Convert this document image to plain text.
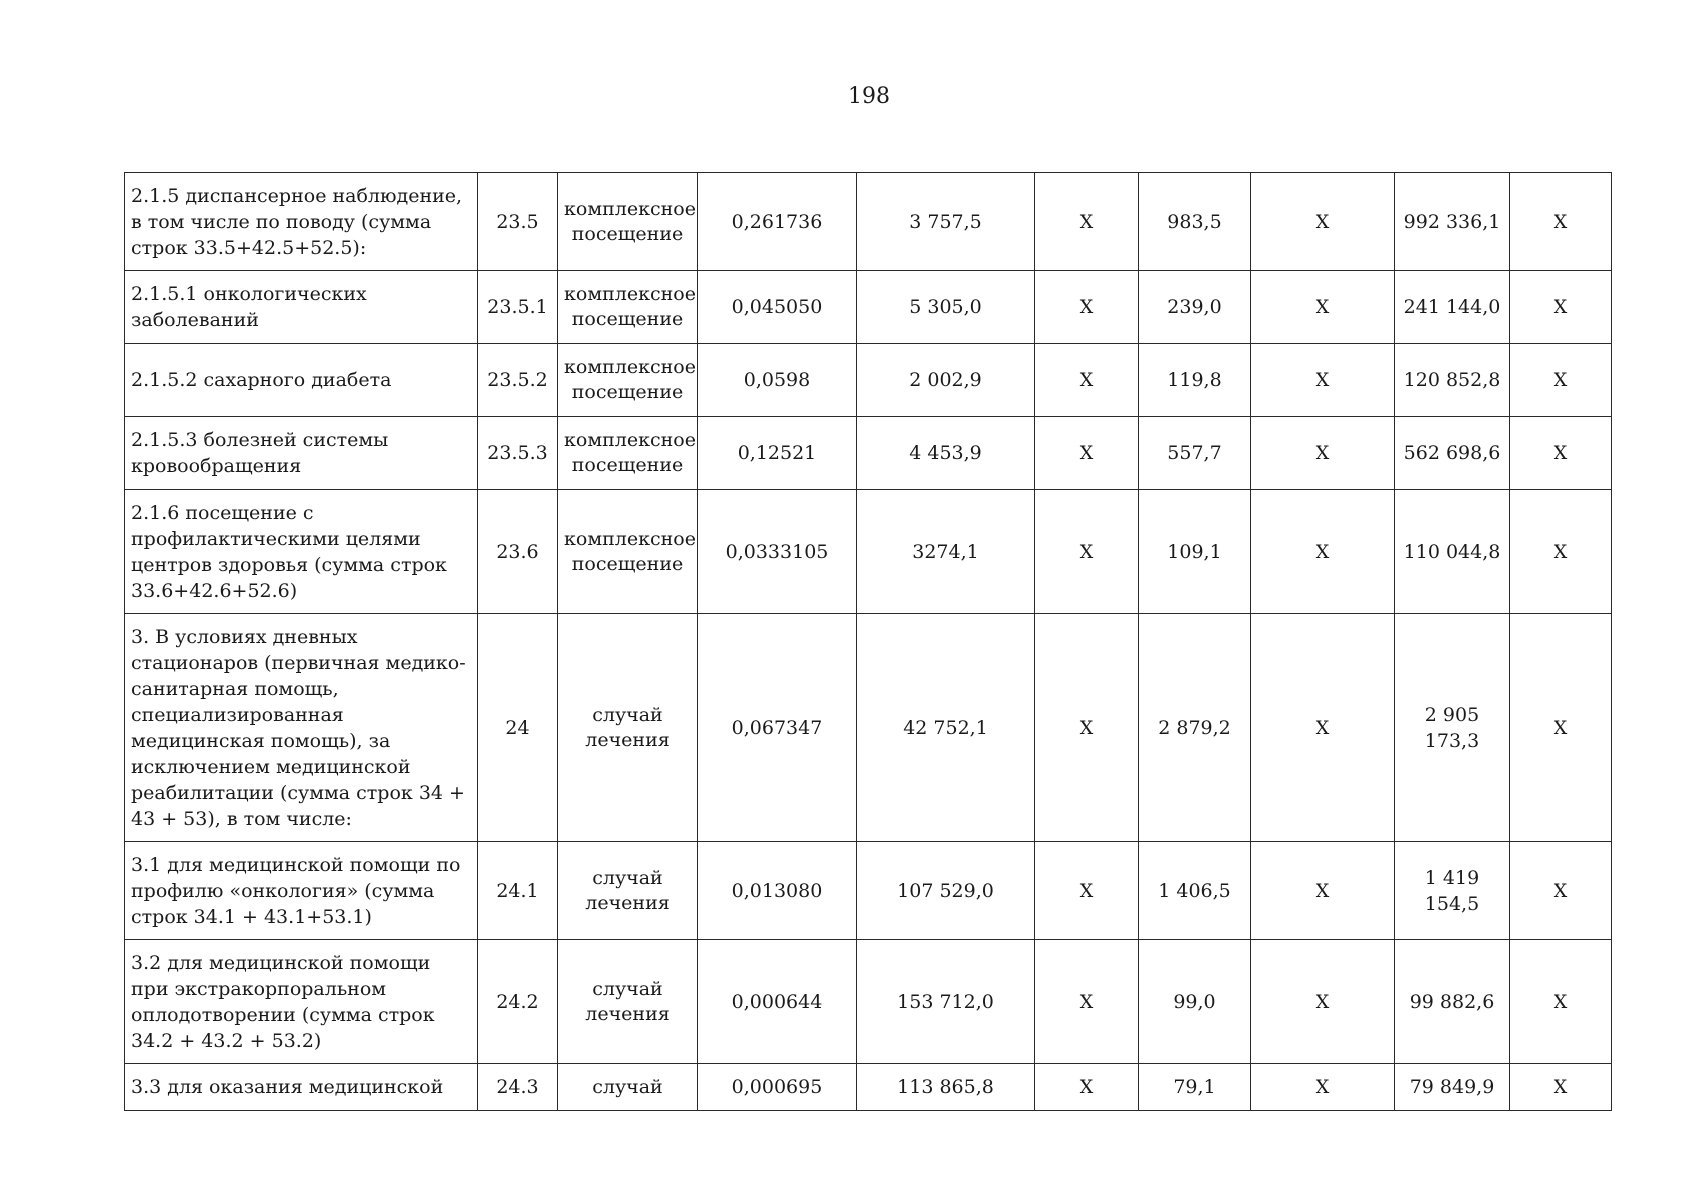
198
2.1.5 диспансерное наблюдение, в том числе по поводу (сумма строк 33.5+42.5+52.5):	23.5	комплексное посещение	0,261736	3 757,5	X	983,5	X	992 336,1	X
2.1.5.1 онкологических заболеваний	23.5.1	комплексное посещение	0,045050	5 305,0	X	239,0	X	241 144,0	X
2.1.5.2 сахарного диабета	23.5.2	комплексное посещение	0,0598	2 002,9	X	119,8	X	120 852,8	X
2.1.5.3 болезней системы кровообращения	23.5.3	комплексное посещение	0,12521	4 453,9	X	557,7	X	562 698,6	X
2.1.6 посещение с профилактическими целями центров здоровья (сумма строк 33.6+42.6+52.6)	23.6	комплексное посещение	0,0333105	3274,1	X	109,1	X	110 044,8	X
3. В условиях дневных стационаров (первичная медико-санитарная помощь, специализированная медицинская помощь), за исключением медицинской реабилитации (сумма строк 34 + 43 + 53), в том числе:	24	случай лечения	0,067347	42 752,1	X	2 879,2	X	2 905 173,3	X
3.1 для медицинской помощи по профилю «онкология» (сумма строк 34.1 + 43.1+53.1)	24.1	случай лечения	0,013080	107 529,0	X	1 406,5	X	1 419 154,5	X
3.2 для медицинской помощи при экстракорпоральном оплодотворении (сумма строк 34.2 + 43.2 + 53.2)	24.2	случай лечения	0,000644	153 712,0	X	99,0	X	99 882,6	X
3.3 для оказания медицинской	24.3	случай	0,000695	113 865,8	X	79,1	X	79 849,9	X
